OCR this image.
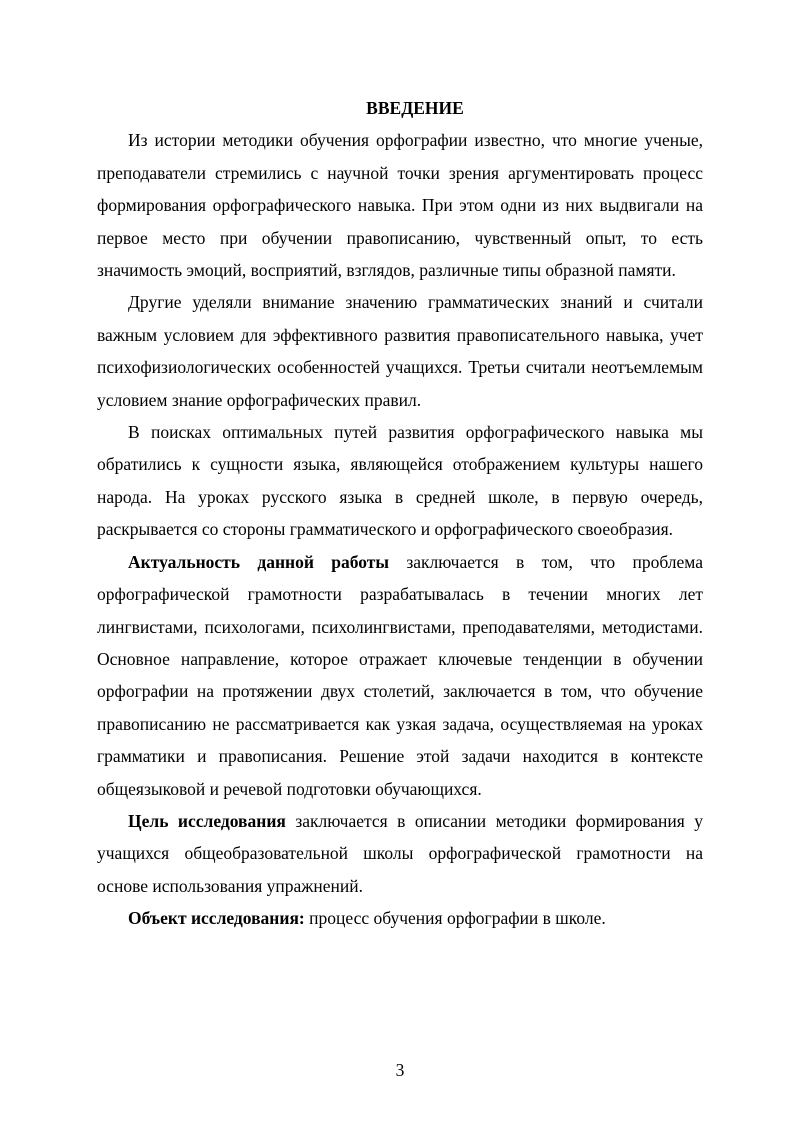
ВВЕДЕНИЕ

Из истории методики обучения орфографии известно, что многие ученые, преподаватели стремились с научной точки зрения аргументировать процесс формирования орфографического навыка. При этом одни из них выдвигали на первое место при обучении правописанию, чувственный опыт, то есть значимость эмоций, восприятий, взглядов, различные типы образной памяти.

Другие уделяли внимание значению грамматических знаний и считали важным условием для эффективного развития правописательного навыка, учет психофизиологических особенностей учащихся. Третьи считали неотъемлемым условием знание орфографических правил.

В поисках оптимальных путей развития орфографического навыка мы обратились к сущности языка, являющейся отображением культуры нашего народа. На уроках русского языка в средней школе, в первую очередь, раскрывается со стороны грамматического и орфографического своеобразия.

Актуальность данной работы заключается в том, что проблема орфографической грамотности разрабатывалась в течении многих лет лингвистами, психологами, психолингвистами, преподавателями, методистами. Основное направление, которое отражает ключевые тенденции в обучении орфографии на протяжении двух столетий, заключается в том, что обучение правописанию не рассматривается как узкая задача, осуществляемая на уроках грамматики и правописания. Решение этой задачи находится в контексте общеязыковой и речевой подготовки обучающихся.

Цель исследования заключается в описании методики формирования у учащихся общеобразовательной школы орфографической грамотности на основе использования упражнений.

Объект исследования: процесс обучения орфографии в школе.

3
